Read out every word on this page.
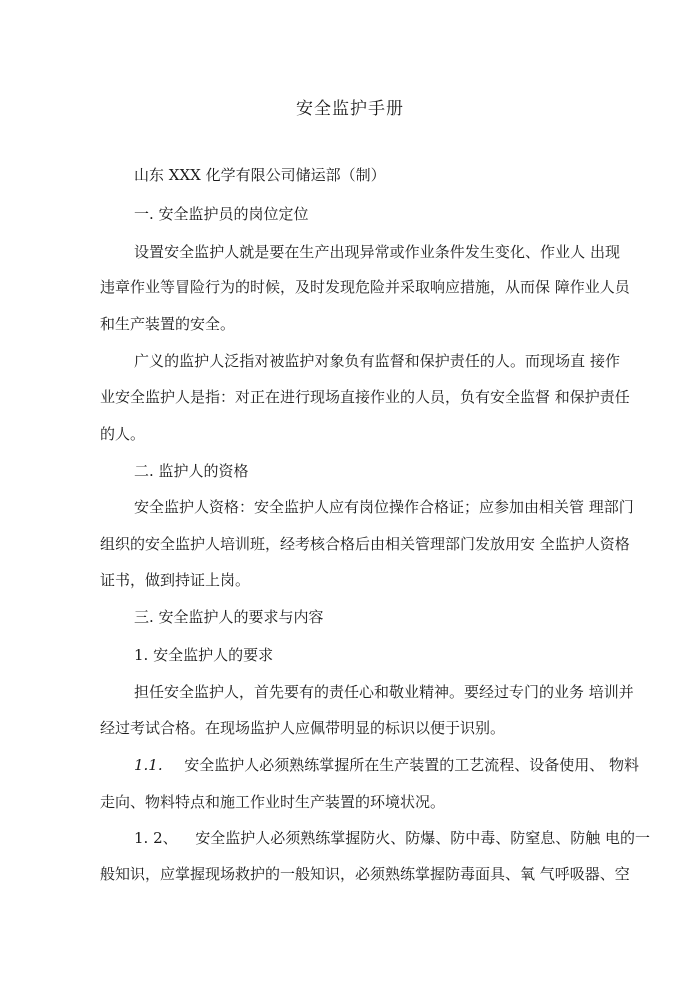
安全监护手册
山东 XXX 化学有限公司储运部（制）
一. 安全监护员的岗位定位
设置安全监护人就是要在生产出现异常或作业条件发生变化、作业人 出现
违章作业等冒险行为的时候，及时发现危险并采取响应措施，从而保 障作业人员
和生产装置的安全。
广义的监护人泛指对被监护对象负有监督和保护责任的人。而现场直 接作
业安全监护人是指：对正在进行现场直接作业的人员，负有安全监督 和保护责任
的人。
二. 监护人的资格
安全监护人资格：安全监护人应有岗位操作合格证；应参加由相关管 理部门
组织的安全监护人培训班，经考核合格后由相关管理部门发放用安 全监护人资格
证书，做到持证上岗。
三. 安全监护人的要求与内容
1. 安全监护人的要求
担任安全监护人，首先要有的责任心和敬业精神。要经过专门的业务 培训并
经过考试合格。在现场监护人应佩带明显的标识以便于识别。
1.1. 安全监护人必须熟练掌握所在生产装置的工艺流程、设备使用、 物料
走向、物料特点和施工作业时生产装置的环境状况。
1. 2、 安全监护人必须熟练掌握防火、防爆、防中毒、防窒息、防触 电的一
般知识，应掌握现场救护的一般知识，必须熟练掌握防毒面具、氧 气呼吸器、空
